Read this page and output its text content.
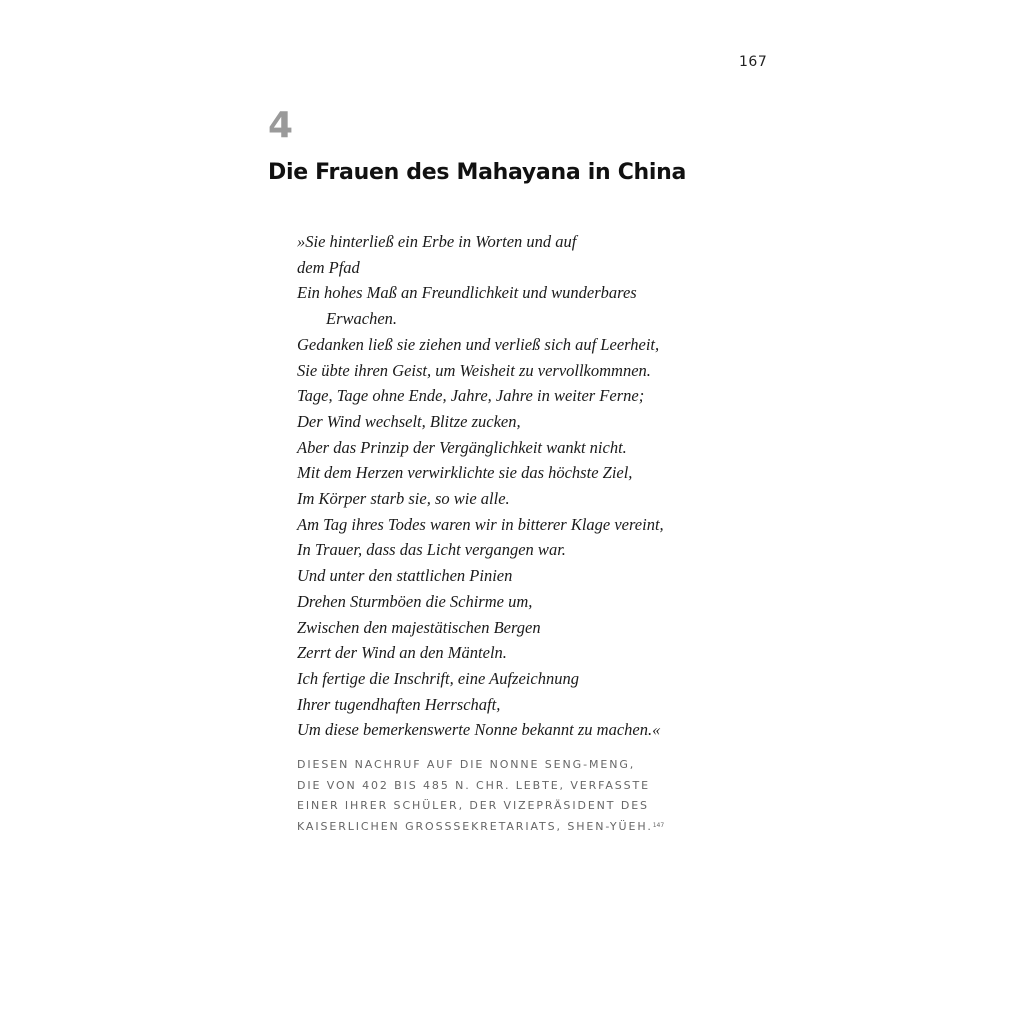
167
4
Die Frauen des Mahayana in China
»Sie hinterließ ein Erbe in Worten und auf
dem Pfad
Ein hohes Maß an Freundlichkeit und wunderbares
Erwachen.
Gedanken ließ sie ziehen und verließ sich auf Leerheit,
Sie übte ihren Geist, um Weisheit zu vervollkommnen.
Tage, Tage ohne Ende, Jahre, Jahre in weiter Ferne;
Der Wind wechselt, Blitze zucken,
Aber das Prinzip der Vergänglichkeit wankt nicht.
Mit dem Herzen verwirklichte sie das höchste Ziel,
Im Körper starb sie, so wie alle.
Am Tag ihres Todes waren wir in bitterer Klage vereint,
In Trauer, dass das Licht vergangen war.
Und unter den stattlichen Pinien
Drehen Sturmböen die Schirme um,
Zwischen den majestätischen Bergen
Zerrt der Wind an den Mänteln.
Ich fertige die Inschrift, eine Aufzeichnung
Ihrer tugendhaften Herrschaft,
Um diese bemerkenswerte Nonne bekannt zu machen.«
DIESEN NACHRUF AUF DIE NONNE SENG-MENG,
DIE VON 402 BIS 485 N. CHR. LEBTE, VERFASSTE
EINER IHRER SCHÜLER, DER VIZEPRÄSIDENT DES
KAISERLICHEN GROSSSEKRETARIATS, SHEN-YÜEH.$^{147}$
